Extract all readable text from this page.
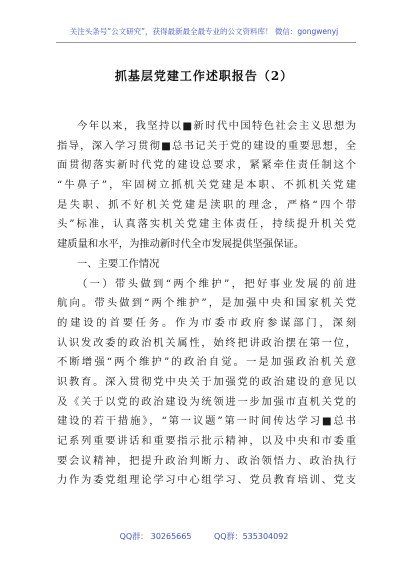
关注头条号“公文研究”，获得最新最全最专业的公文资料库！ 微信：gongwenyj
抓基层党建工作述职报告（2）
今年以来，我坚持以■新时代中国特色社会主义思想为
指导，深入学习贯彻■总书记关于党的建设的重要思想，全
面贯彻落实新时代党的建设总要求，紧紧牵住责任制这个
“牛鼻子”，牢固树立抓机关党建是本职、不抓机关党建
是失职、抓不好机关党建是渎职的理念，严格“四个带
头”标准，认真落实机关党建主体责任，持续提升机关党
建质量和水平，为推动新时代全市发展提供坚强保证。
一、主要工作情况
（一）带头做到“两个维护”，把好事业发展的前进
航向。带头做到“两个维护”，是加强中央和国家机关党
的建设的首要任务。作为市委市政府参谋部门，深刻
认识发改委的政治机关属性，始终把讲政治摆在第一位，
不断增强“两个维护”的政治自觉。一是加强政治机关意
识教育。深入贯彻党中央关于加强党的政治建设的意见以
及《关于以党的政治建设为统领进一步加强市直机关党的
建设的若干措施》，“第一议题”第一时间传达学习■总书
记系列重要讲话和重要指示批示精神，以及中央和市委重
要会议精神，把提升政治判断力、政治领悟力、政治执行
力作为委党组理论学习中心组学习、党员教育培训、党支
QQ群： 30265665	QQ群：535304092
